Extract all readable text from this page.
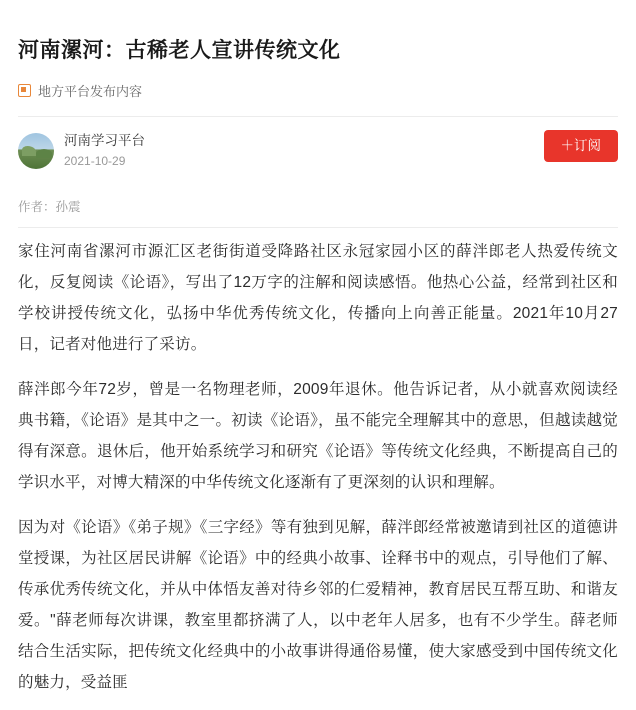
河南漯河：古稀老人宣讲传统文化
地方平台发布内容
河南学习平台
2021-10-29
＋订阅
作者：孙震

家住河南省漯河市源汇区老街街道受降路社区永冠家园小区的薛泮郎老人热爱传统文化，反复阅读《论语》，写出了12万字的注解和阅读感悟。他热心公益，经常到社区和学校讲授传统文化，弘扬中华优秀传统文化，传播向上向善正能量。2021年10月27日，记者对他进行了采访。

薛泮郎今年72岁，曾是一名物理老师，2009年退休。他告诉记者，从小就喜欢阅读经典书籍，《论语》是其中之一。初读《论语》，虽不能完全理解其中的意思，但越读越觉得有深意。退休后，他开始系统学习和研究《论语》等传统文化经典，不断提高自己的学识水平，对博大精深的中华传统文化逐渐有了更深刻的认识和理解。

因为对《论语》《弟子规》《三字经》等有独到见解，薛泮郎经常被邀请到社区的道德讲堂授课，为社区居民讲解《论语》中的经典小故事、诠释书中的观点，引导他们了解、传承优秀传统文化，并从中体悟友善对待乡邻的仁爱精神，教育居民互帮互助、和谐友爱。"薛老师每次讲课，教室里都挤满了人，以中老年人居多，也有不少学生。薛老师结合生活实际，把传统文化经典中的小故事讲得通俗易懂，使大家感受到中国传统文化的魅力，受益匪
